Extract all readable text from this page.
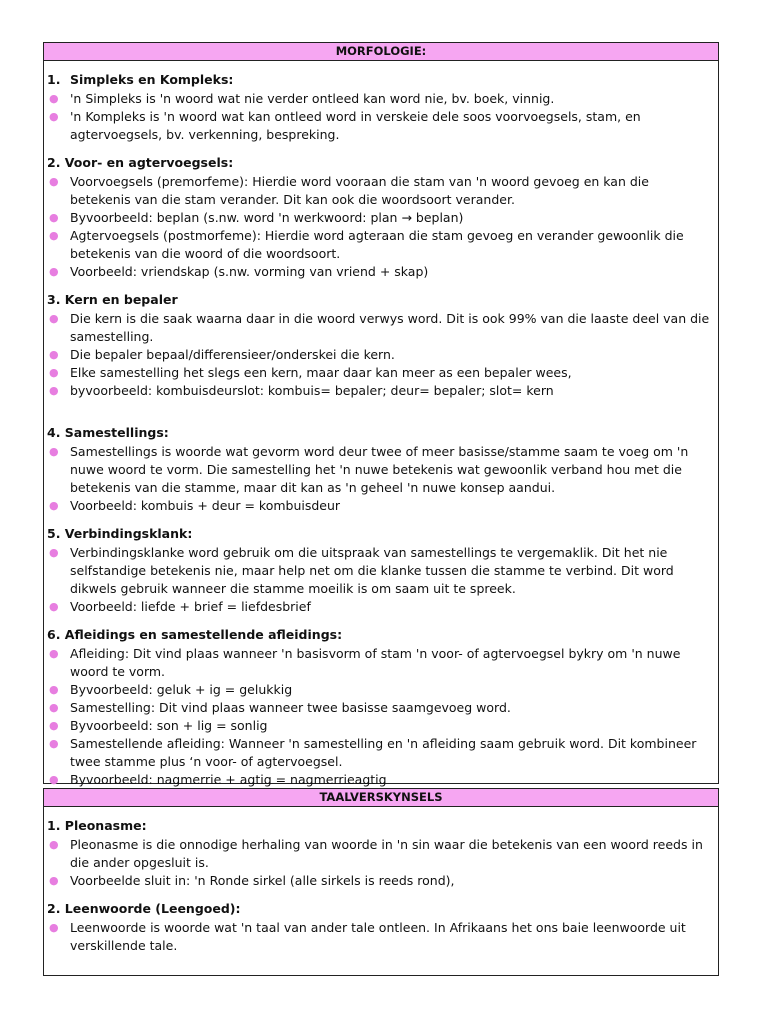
MORFOLOGIE:
1. Simpleks en Kompleks:
● 'n Simpleks is 'n woord wat nie verder ontleed kan word nie, bv. boek, vinnig.
● 'n Kompleks is 'n woord wat kan ontleed word in verskeie dele soos voorvoegsels, stam, en agtervoegsels, bv. verkenning, bespreking.
2. Voor- en agtervoegsels:
● Voorvoegsels (premorfeme): Hierdie word vooraan die stam van 'n woord gevoeg en kan die betekenis van die stam verander. Dit kan ook die woordsoort verander.
● Byvoorbeeld: beplan (s.nw. word 'n werkwoord: plan → beplan)
● Agtervoegsels (postmorfeme): Hierdie word agteraan die stam gevoeg en verander gewoonlik die betekenis van die woord of die woordsoort.
● Voorbeeld: vriendskap (s.nw. vorming van vriend + skap)
3. Kern en bepaler
● Die kern is die saak waarna daar in die woord verwys word. Dit is ook 99% van die laaste deel van die samestelling.
● Die bepaler bepaal/differensieer/onderskei die kern.
● Elke samestelling het slegs een kern, maar daar kan meer as een bepaler wees,
● byvoorbeeld: kombuisdeurslot: kombuis= bepaler; deur= bepaler; slot= kern
4. Samestellings:
● Samestellings is woorde wat gevorm word deur twee of meer basisse/stamme saam te voeg om 'n nuwe woord te vorm. Die samestelling het 'n nuwe betekenis wat gewoonlik verband hou met die betekenis van die stamme, maar dit kan as 'n geheel 'n nuwe konsep aandui.
● Voorbeeld: kombuis + deur = kombuisdeur
5. Verbindingsklank:
● Verbindingsklanke word gebruik om die uitspraak van samestellings te vergemaklik. Dit het nie selfstandige betekenis nie, maar help net om die klanke tussen die stamme te verbind. Dit word dikwels gebruik wanneer die stamme moeilik is om saam uit te spreek.
● Voorbeeld: liefde + brief = liefdesbrief
6. Afleidings en samestellende afleidings:
● Afleiding: Dit vind plaas wanneer 'n basisvorm of stam 'n voor- of agtervoegsel bykry om 'n nuwe woord te vorm.
● Byvoorbeeld: geluk + ig = gelukkig
● Samestelling: Dit vind plaas wanneer twee basisse saamgevoeg word.
● Byvoorbeeld: son + lig = sonlig
● Samestellende afleiding: Wanneer 'n samestelling en 'n afleiding saam gebruik word. Dit kombineer twee stamme plus ‘n voor- of agtervoegsel.
● Byvoorbeeld: nagmerrie + agtig = nagmerrieagtig
TAALVERSKYNSELS
1. Pleonasme:
● Pleonasme is die onnodige herhaling van woorde in 'n sin waar die betekenis van een woord reeds in die ander opgesluit is.
● Voorbeelde sluit in: 'n Ronde sirkel (alle sirkels is reeds rond),
2. Leenwoorde (Leengoed):
● Leenwoorde is woorde wat 'n taal van ander tale ontleen. In Afrikaans het ons baie leenwoorde uit verskillende tale.
